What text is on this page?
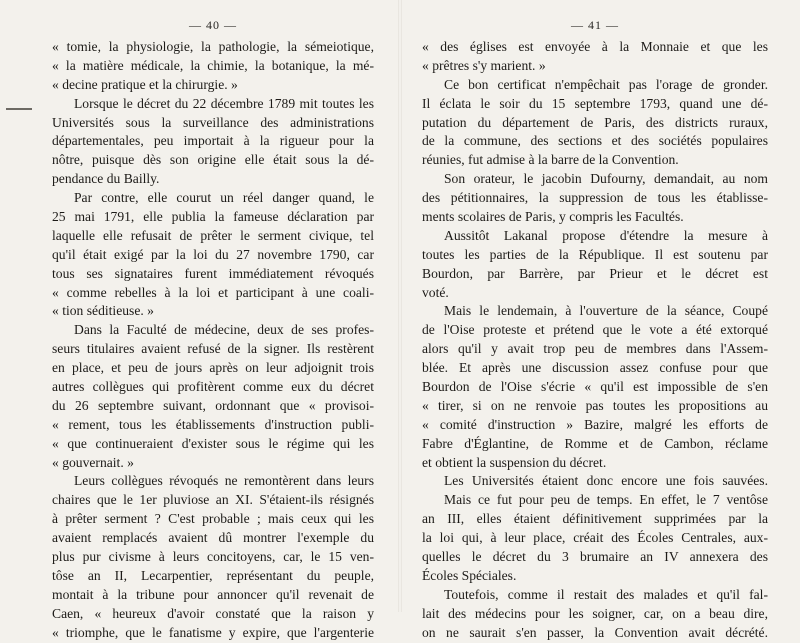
— 40 —
« tomie, la physiologie, la pathologie, la sémeiotique,
« la matière médicale, la chimie, la botanique, la mé-
« decine pratique et la chirurgie. »
Lorsque le décret du 22 décembre 1789 mit toutes les
Universités sous la surveillance des administrations
départementales, peu importait à la rigueur pour la
nôtre, puisque dès son origine elle était sous la dé-
pendance du Bailly.
Par contre, elle courut un réel danger quand, le
25 mai 1791, elle publia la fameuse déclaration par
laquelle elle refusait de prêter le serment civique, tel
qu'il était exigé par la loi du 27 novembre 1790, car
tous ses signataires furent immédiatement révoqués
« comme rebelles à la loi et participant à une coali-
« tion séditieuse. »
Dans la Faculté de médecine, deux de ses profes-
seurs titulaires avaient refusé de la signer. Ils restèrent
en place, et peu de jours après on leur adjoignit trois
autres collègues qui profitèrent comme eux du décret
du 26 septembre suivant, ordonnant que « provisoi-
« rement, tous les établissements d'instruction publi-
« que continueraient d'exister sous le régime qui les
« gouvernait. »
Leurs collègues révoqués ne remontèrent dans leurs
chaires que le 1er pluviose an XI. S'étaient-ils résignés
à prêter serment ? C'est probable ; mais ceux qui les
avaient remplacés avaient dû montrer l'exemple du
plus pur civisme à leurs concitoyens, car, le 15 ven-
tôse an II, Lecarpentier, représentant du peuple,
montait à la tribune pour annoncer qu'il revenait de
Caen, « heureux d'avoir constaté que la raison y
« triomphe, que le fanatisme y expire, que l'argenterie
— 41 —
« des églises est envoyée à la Monnaie et que les
« prêtres s'y marient. »
Ce bon certificat n'empêchait pas l'orage de gronder.
Il éclata le soir du 15 septembre 1793, quand une dé-
putation du département de Paris, des districts ruraux,
de la commune, des sections et des sociétés populaires
réunies, fut admise à la barre de la Convention.
Son orateur, le jacobin Dufourny, demandait, au nom
des pétitionnaires, la suppression de tous les établisse-
ments scolaires de Paris, y compris les Facultés.
Aussitôt Lakanal propose d'étendre la mesure à
toutes les parties de la République. Il est soutenu par
Bourdon, par Barrère, par Prieur et le décret est
voté.
Mais le lendemain, à l'ouverture de la séance, Coupé
de l'Oise proteste et prétend que le vote a été extorqué
alors qu'il y avait trop peu de membres dans l'Assem-
blée. Et après une discussion assez confuse pour que
Bourdon de l'Oise s'écrie « qu'il est impossible de s'en
« tirer, si on ne renvoie pas toutes les propositions au
« comité d'instruction » Bazire, malgré les efforts de
Fabre d'Églantine, de Romme et de Cambon, réclame
et obtient la suspension du décret.
Les Universités étaient donc encore une fois sauvées.
Mais ce fut pour peu de temps. En effet, le 7 ventôse
an III, elles étaient définitivement supprimées par la
la loi qui, à leur place, créait des Écoles Centrales, aux-
quelles le décret du 3 brumaire an IV annexera des
Écoles Spéciales.
Toutefois, comme il restait des malades et qu'il fal-
lait des médecins pour les soigner, car, on a beau dire,
on ne saurait s'en passer, la Convention avait décrété.
